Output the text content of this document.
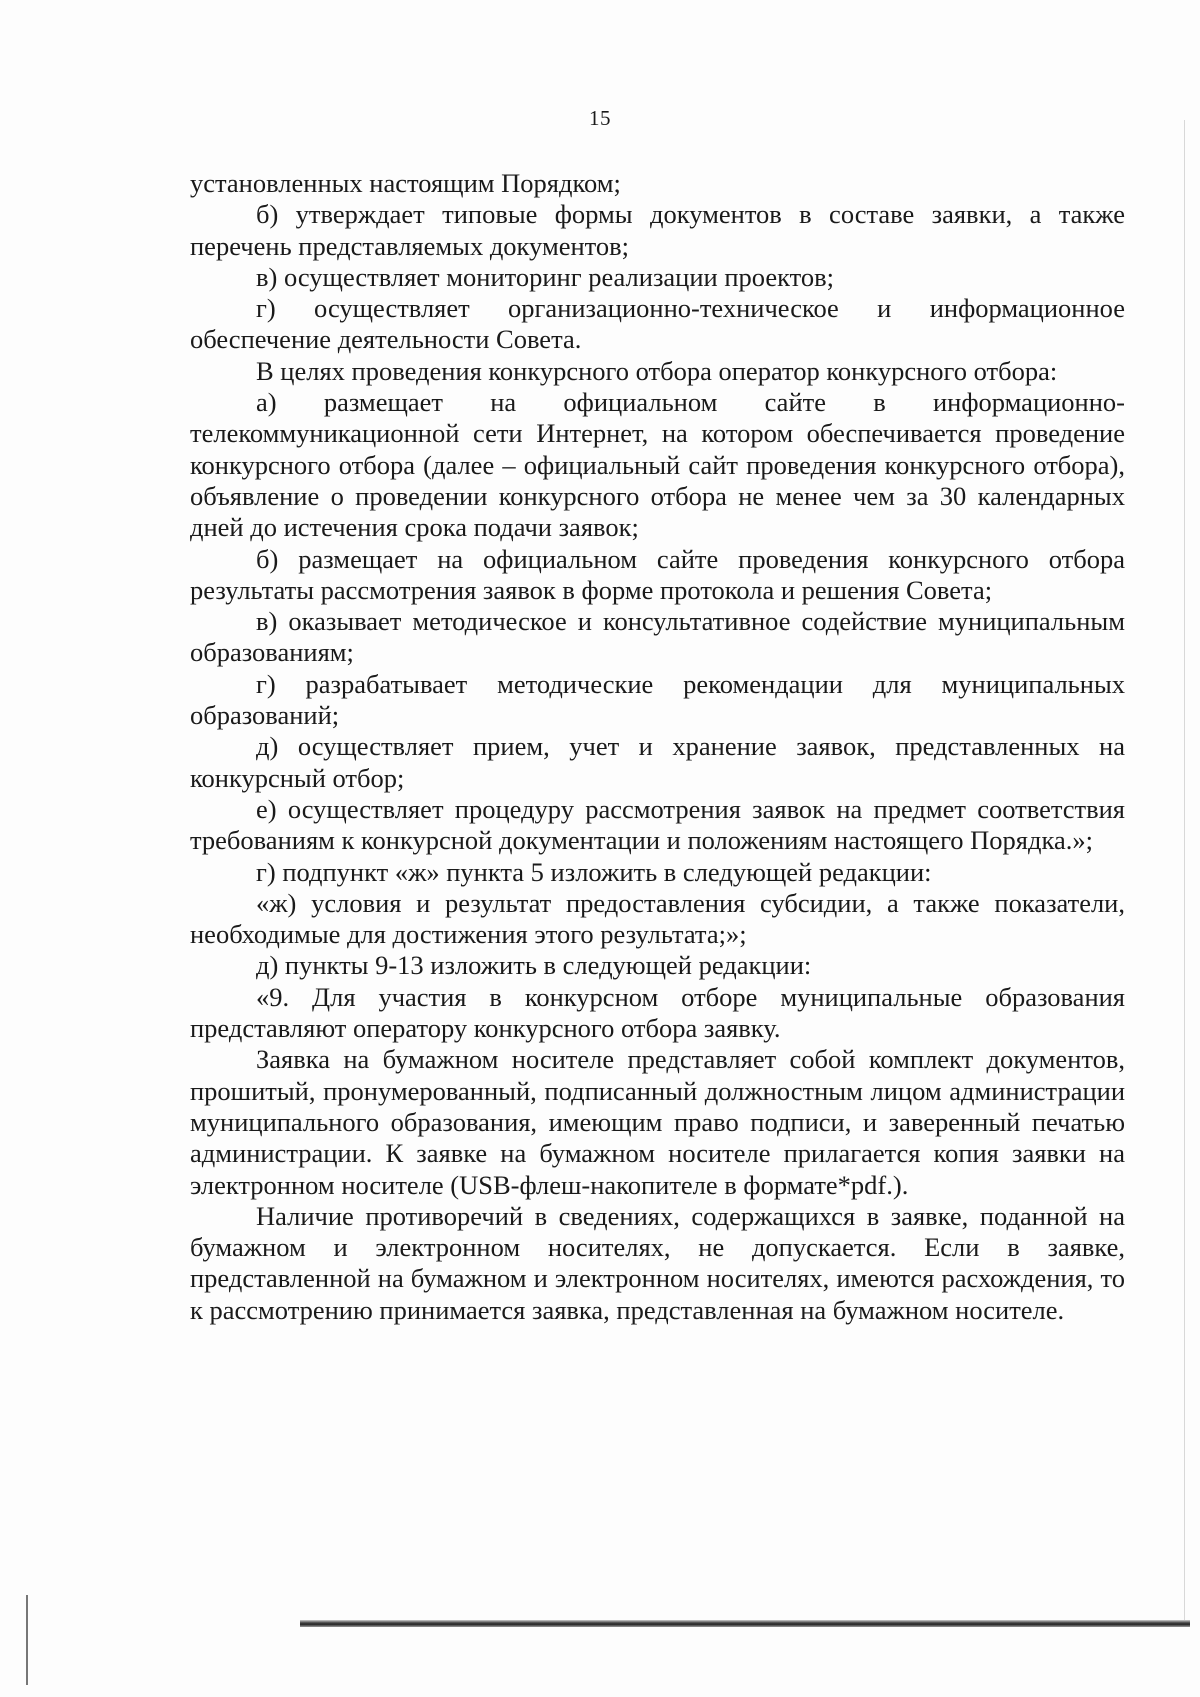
15

установленных настоящим Порядком;

б) утверждает типовые формы документов в составе заявки, а также перечень представляемых документов;

в) осуществляет мониторинг реализации проектов;

г) осуществляет организационно-техническое и информационное обеспечение деятельности Совета.

В целях проведения конкурсного отбора оператор конкурсного отбора:

а) размещает на официальном сайте в информационно-телекоммуникационной сети Интернет, на котором обеспечивается проведение конкурсного отбора (далее – официальный сайт проведения конкурсного отбора), объявление о проведении конкурсного отбора не менее чем за 30 календарных дней до истечения срока подачи заявок;

б) размещает на официальном сайте проведения конкурсного отбора результаты рассмотрения заявок в форме протокола и решения Совета;

в) оказывает методическое и консультативное содействие муниципальным образованиям;

г) разрабатывает методические рекомендации для муниципальных образований;

д) осуществляет прием, учет и хранение заявок, представленных на конкурсный отбор;

е) осуществляет процедуру рассмотрения заявок на предмет соответствия требованиям к конкурсной документации и положениям настоящего Порядка.»;

г) подпункт «ж» пункта 5 изложить в следующей редакции:

«ж) условия и результат предоставления субсидии, а также показатели, необходимые для достижения этого результата;»;

д) пункты 9-13 изложить в следующей редакции:

«9. Для участия в конкурсном отборе муниципальные образования представляют оператору конкурсного отбора заявку.

Заявка на бумажном носителе представляет собой комплект документов, прошитый, пронумерованный, подписанный должностным лицом администрации муниципального образования, имеющим право подписи, и заверенный печатью администрации. К заявке на бумажном носителе прилагается копия заявки на электронном носителе (USB-флеш-накопителе в формате*pdf.).

Наличие противоречий в сведениях, содержащихся в заявке, поданной на бумажном и электронном носителях, не допускается. Если в заявке, представленной на бумажном и электронном носителях, имеются расхождения, то к рассмотрению принимается заявка, представленная на бумажном носителе.
